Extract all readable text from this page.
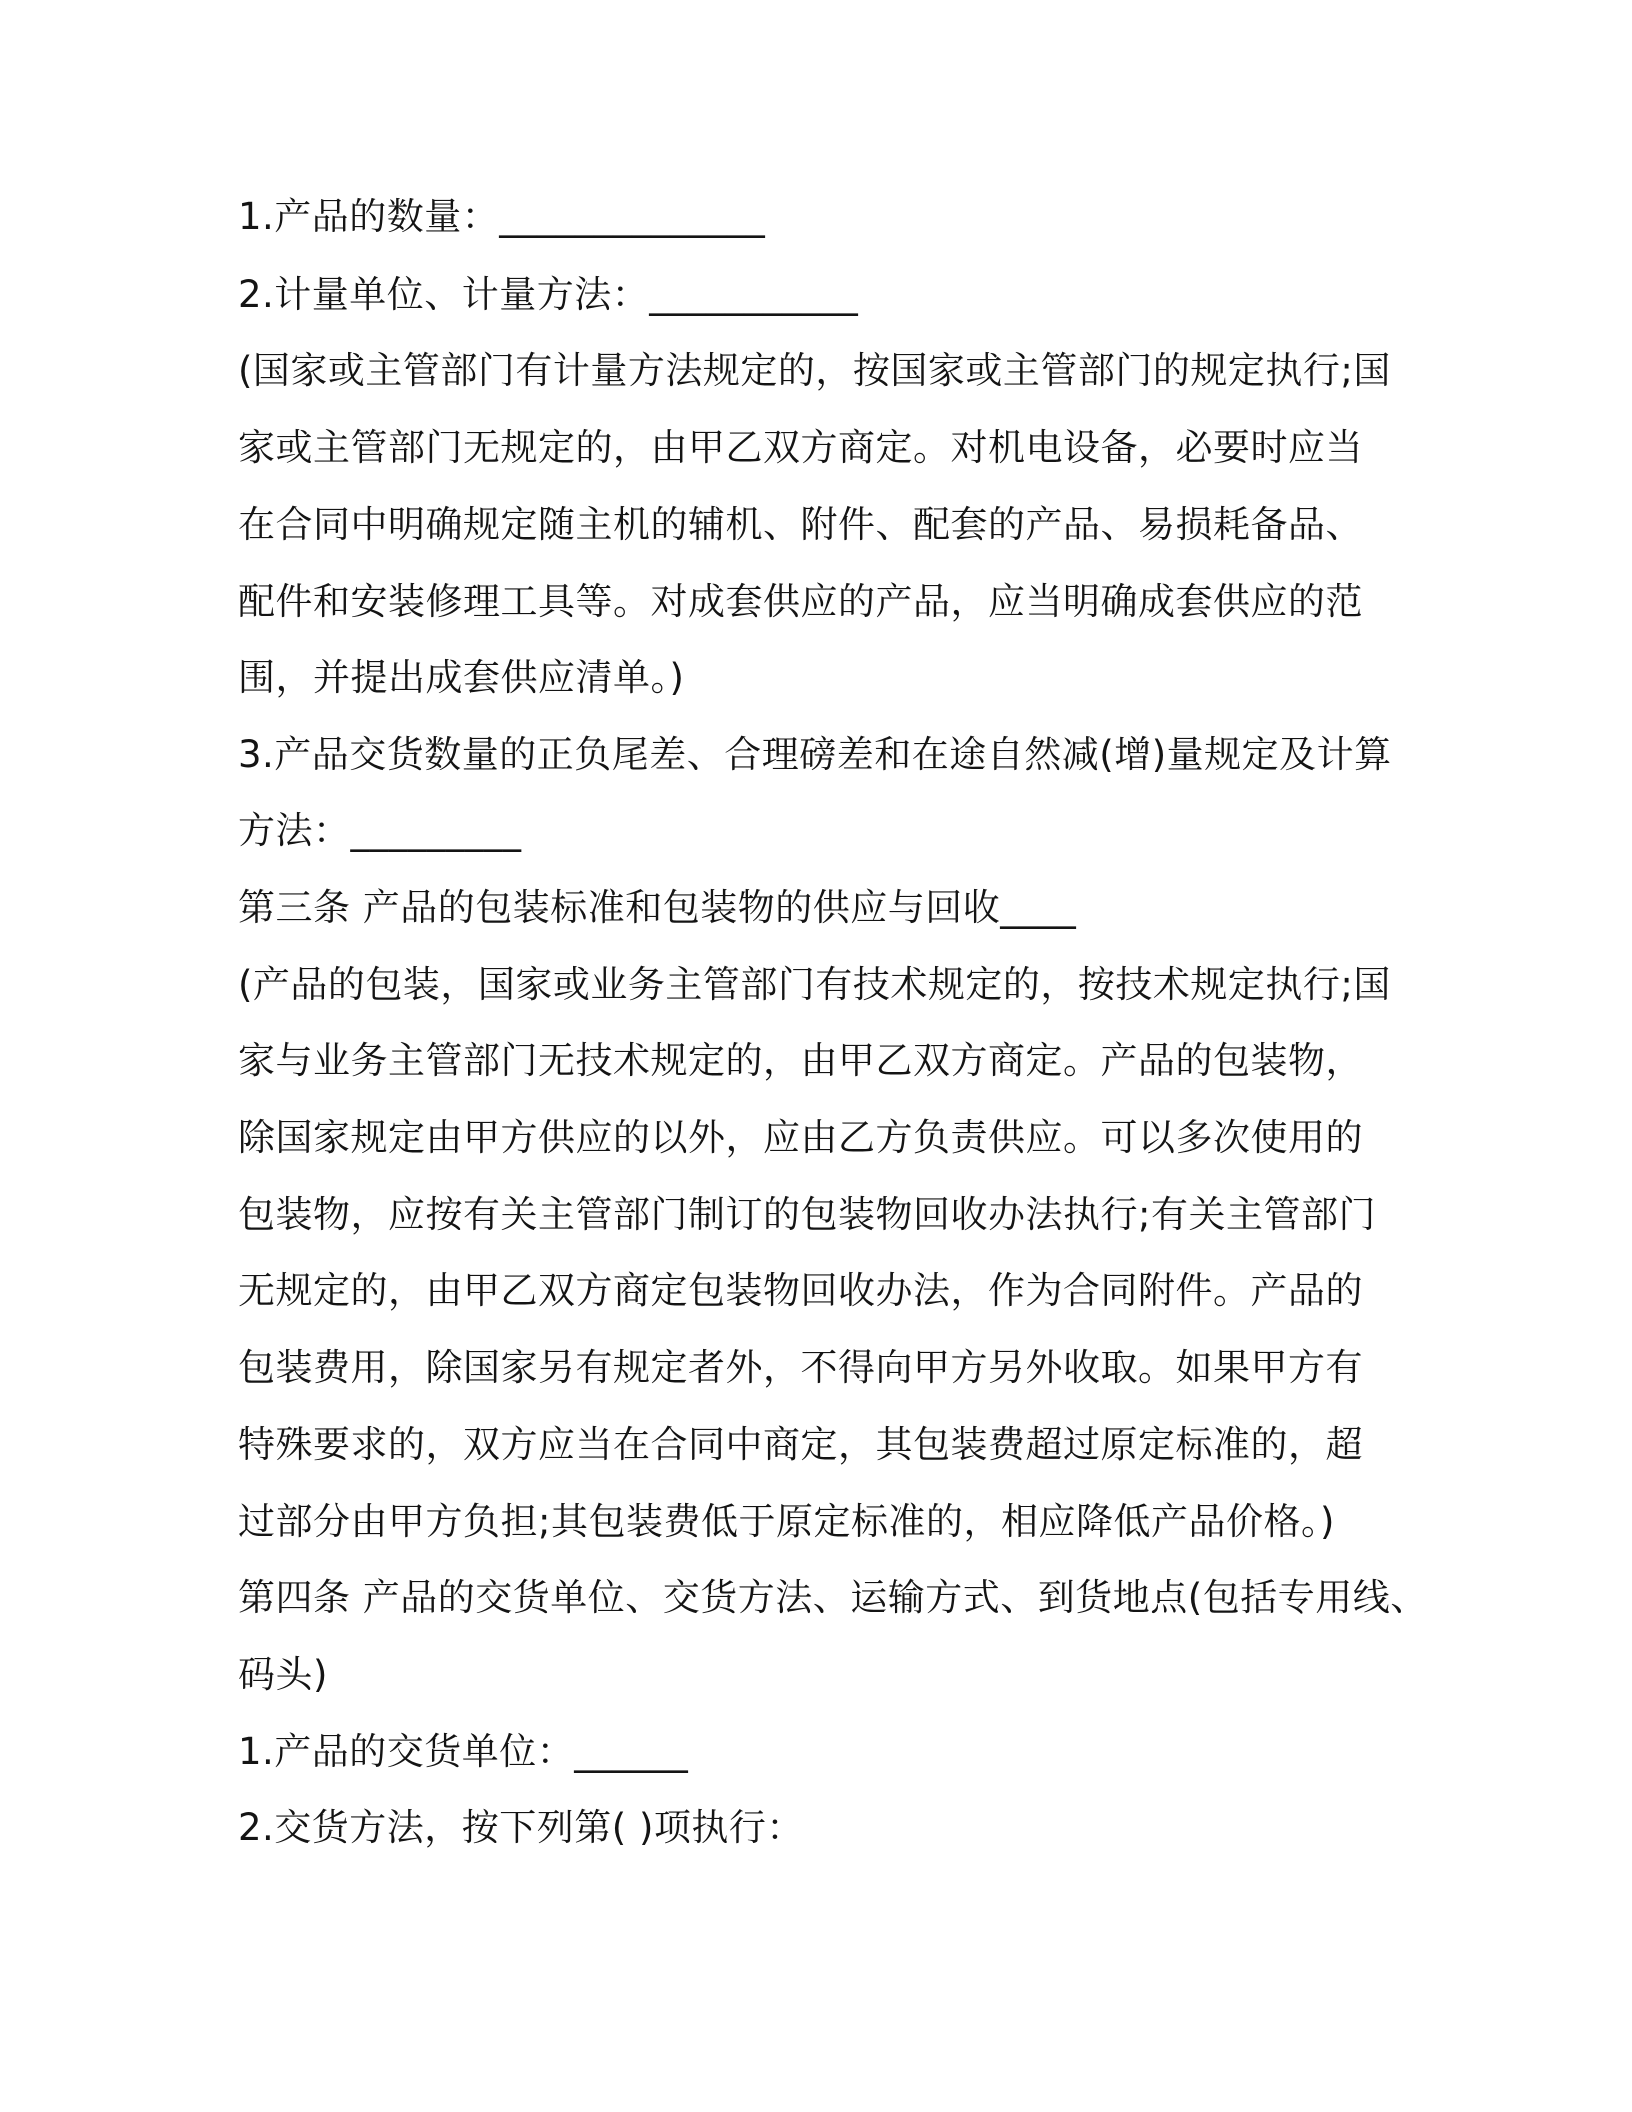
1.产品的数量：______________
2.计量单位、计量方法：___________
(国家或主管部门有计量方法规定的，按国家或主管部门的规定执行;国
家或主管部门无规定的，由甲乙双方商定。对机电设备，必要时应当
在合同中明确规定随主机的辅机、附件、配套的产品、易损耗备品、
配件和安装修理工具等。对成套供应的产品，应当明确成套供应的范
围，并提出成套供应清单。)
3.产品交货数量的正负尾差、合理磅差和在途自然减(增)量规定及计算
方法：_________
第三条 产品的包装标准和包装物的供应与回收____
(产品的包装，国家或业务主管部门有技术规定的，按技术规定执行;国
家与业务主管部门无技术规定的，由甲乙双方商定。产品的包装物，
除国家规定由甲方供应的以外，应由乙方负责供应。可以多次使用的
包装物，应按有关主管部门制订的包装物回收办法执行;有关主管部门
无规定的，由甲乙双方商定包装物回收办法，作为合同附件。产品的
包装费用，除国家另有规定者外，不得向甲方另外收取。如果甲方有
特殊要求的，双方应当在合同中商定，其包装费超过原定标准的，超
过部分由甲方负担;其包装费低于原定标准的，相应降低产品价格。)
第四条 产品的交货单位、交货方法、运输方式、到货地点(包括专用线、
码头)
1.产品的交货单位：______
2.交货方法，按下列第( )项执行：
